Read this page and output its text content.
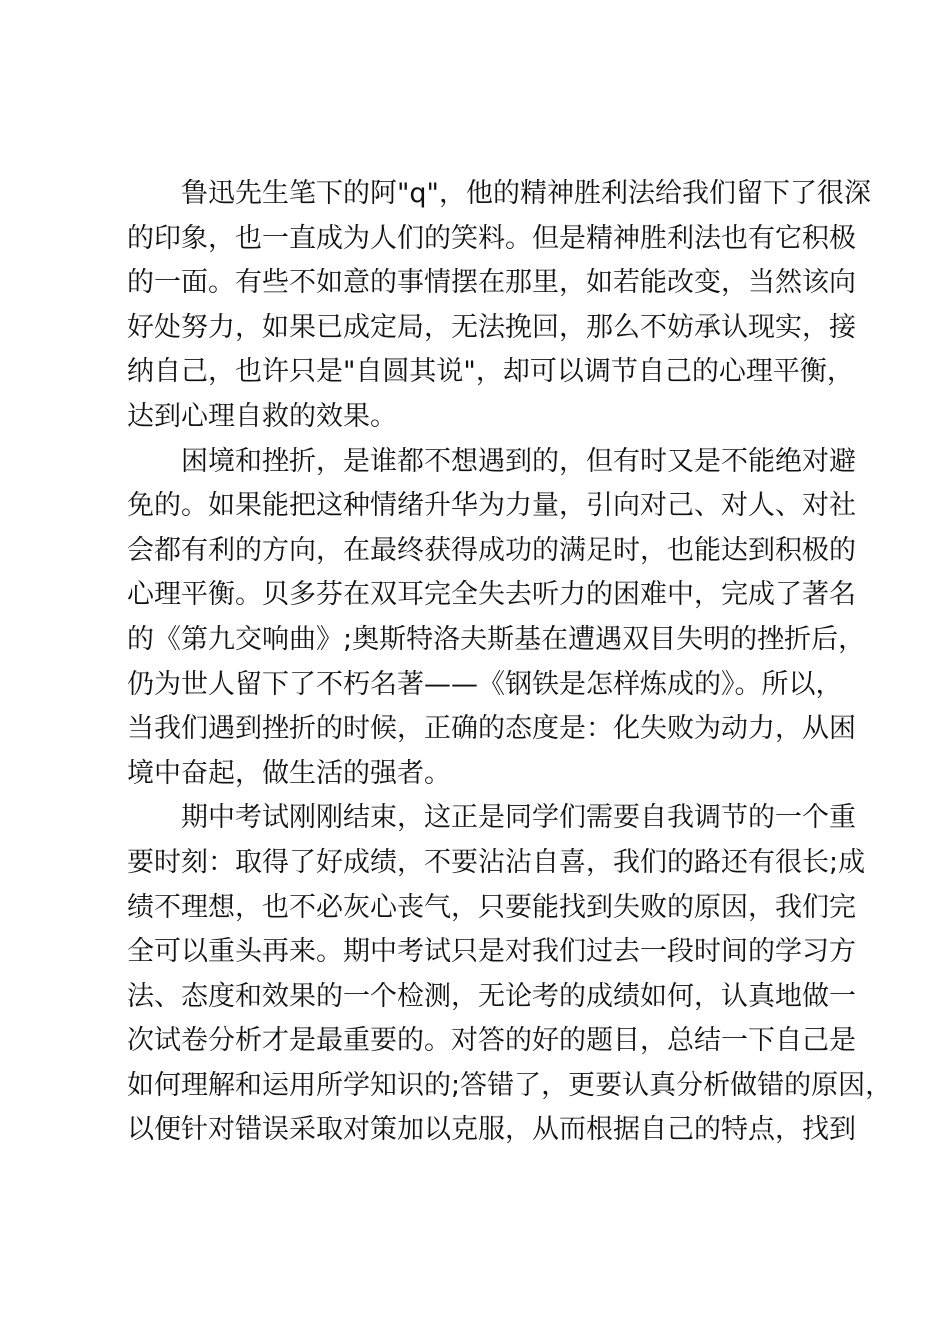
鲁迅先生笔下的阿"q"，他的精神胜利法给我们留下了很深
的印象，也一直成为人们的笑料。但是精神胜利法也有它积极
的一面。有些不如意的事情摆在那里，如若能改变，当然该向
好处努力，如果已成定局，无法挽回，那么不妨承认现实，接
纳自己，也许只是"自圆其说"，却可以调节自己的心理平衡，
达到心理自救的效果。
困境和挫折，是谁都不想遇到的，但有时又是不能绝对避
免的。如果能把这种情绪升华为力量，引向对己、对人、对社
会都有利的方向，在最终获得成功的满足时，也能达到积极的
心理平衡。贝多芬在双耳完全失去听力的困难中，完成了著名
的《第九交响曲》;奥斯特洛夫斯基在遭遇双目失明的挫折后，
仍为世人留下了不朽名著——《钢铁是怎样炼成的》。所以，
当我们遇到挫折的时候，正确的态度是：化失败为动力，从困
境中奋起，做生活的强者。
期中考试刚刚结束，这正是同学们需要自我调节的一个重
要时刻：取得了好成绩，不要沾沾自喜，我们的路还有很长;成
绩不理想，也不必灰心丧气，只要能找到失败的原因，我们完
全可以重头再来。期中考试只是对我们过去一段时间的学习方
法、态度和效果的一个检测，无论考的成绩如何，认真地做一
次试卷分析才是最重要的。对答的好的题目，总结一下自己是
如何理解和运用所学知识的;答错了，更要认真分析做错的原因，
以便针对错误采取对策加以克服，从而根据自己的特点，找到
